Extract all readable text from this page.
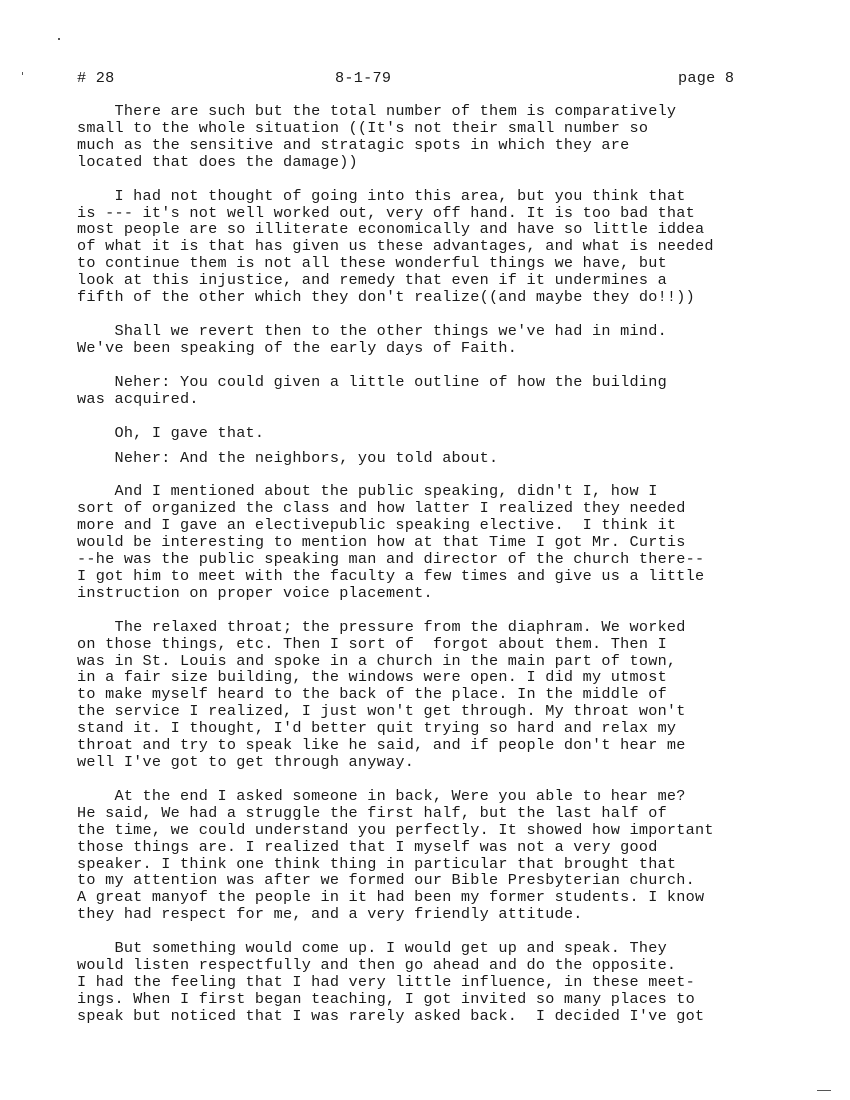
# 28

	8-1-79

	page 8

There are such but the total number of them is comparatively
small to the whole situation ((It's not their small number so
much as the sensitive and stratagic spots in which they are
located that does the damage))

I had not thought of going into this area, but you think that
is --- it's not well worked out, very off hand. It is too bad that
most people are so illiterate economically and have so little iddea
of what it is that has given us these advantages, and what is needed
to continue them is not all these wonderful things we have, but
look at this injustice, and remedy that even if it undermines a
fifth of the other which they don't realize((and maybe they do!!))

Shall we revert then to the other things we've had in mind.
We've been speaking of the early days of Faith.

Neher: You could given a little outline of how the building
was acquired.

Oh, I gave that.

Neher: And the neighbors, you told about.

And I mentioned about the public speaking, didn't I, how I
sort of organized the class and how latter I realized they needed
more and I gave an electivepublic speaking elective.  I think it
would be interesting to mention how at that Time I got Mr. Curtis
--he was the public speaking man and director of the church there--
I got him to meet with the faculty a few times and give us a little
instruction on proper voice placement.

The relaxed throat; the pressure from the diaphram. We worked
on those things, etc. Then I sort of  forgot about them. Then I
was in St. Louis and spoke in a church in the main part of town,
in a fair size building, the windows were open. I did my utmost
to make myself heard to the back of the place. In the middle of
the service I realized, I just won't get through. My throat won't
stand it. I thought, I'd better quit trying so hard and relax my
throat and try to speak like he said, and if people don't hear me
well I've got to get through anyway.

At the end I asked someone in back, Were you able to hear me?
He said, We had a struggle the first half, but the last half of
the time, we could understand you perfectly. It showed how important
those things are. I realized that I myself was not a very good
speaker. I think one think thing in particular that brought that
to my attention was after we formed our Bible Presbyterian church.
A great manyof the people in it had been my former students. I know
they had respect for me, and a very friendly attitude.

But something would come up. I would get up and speak. They
would listen respectfully and then go ahead and do the opposite.
I had the feeling that I had very little influence, in these meet-
ings. When I first began teaching, I got invited so many places to
speak but noticed that I was rarely asked back.  I decided I've got
